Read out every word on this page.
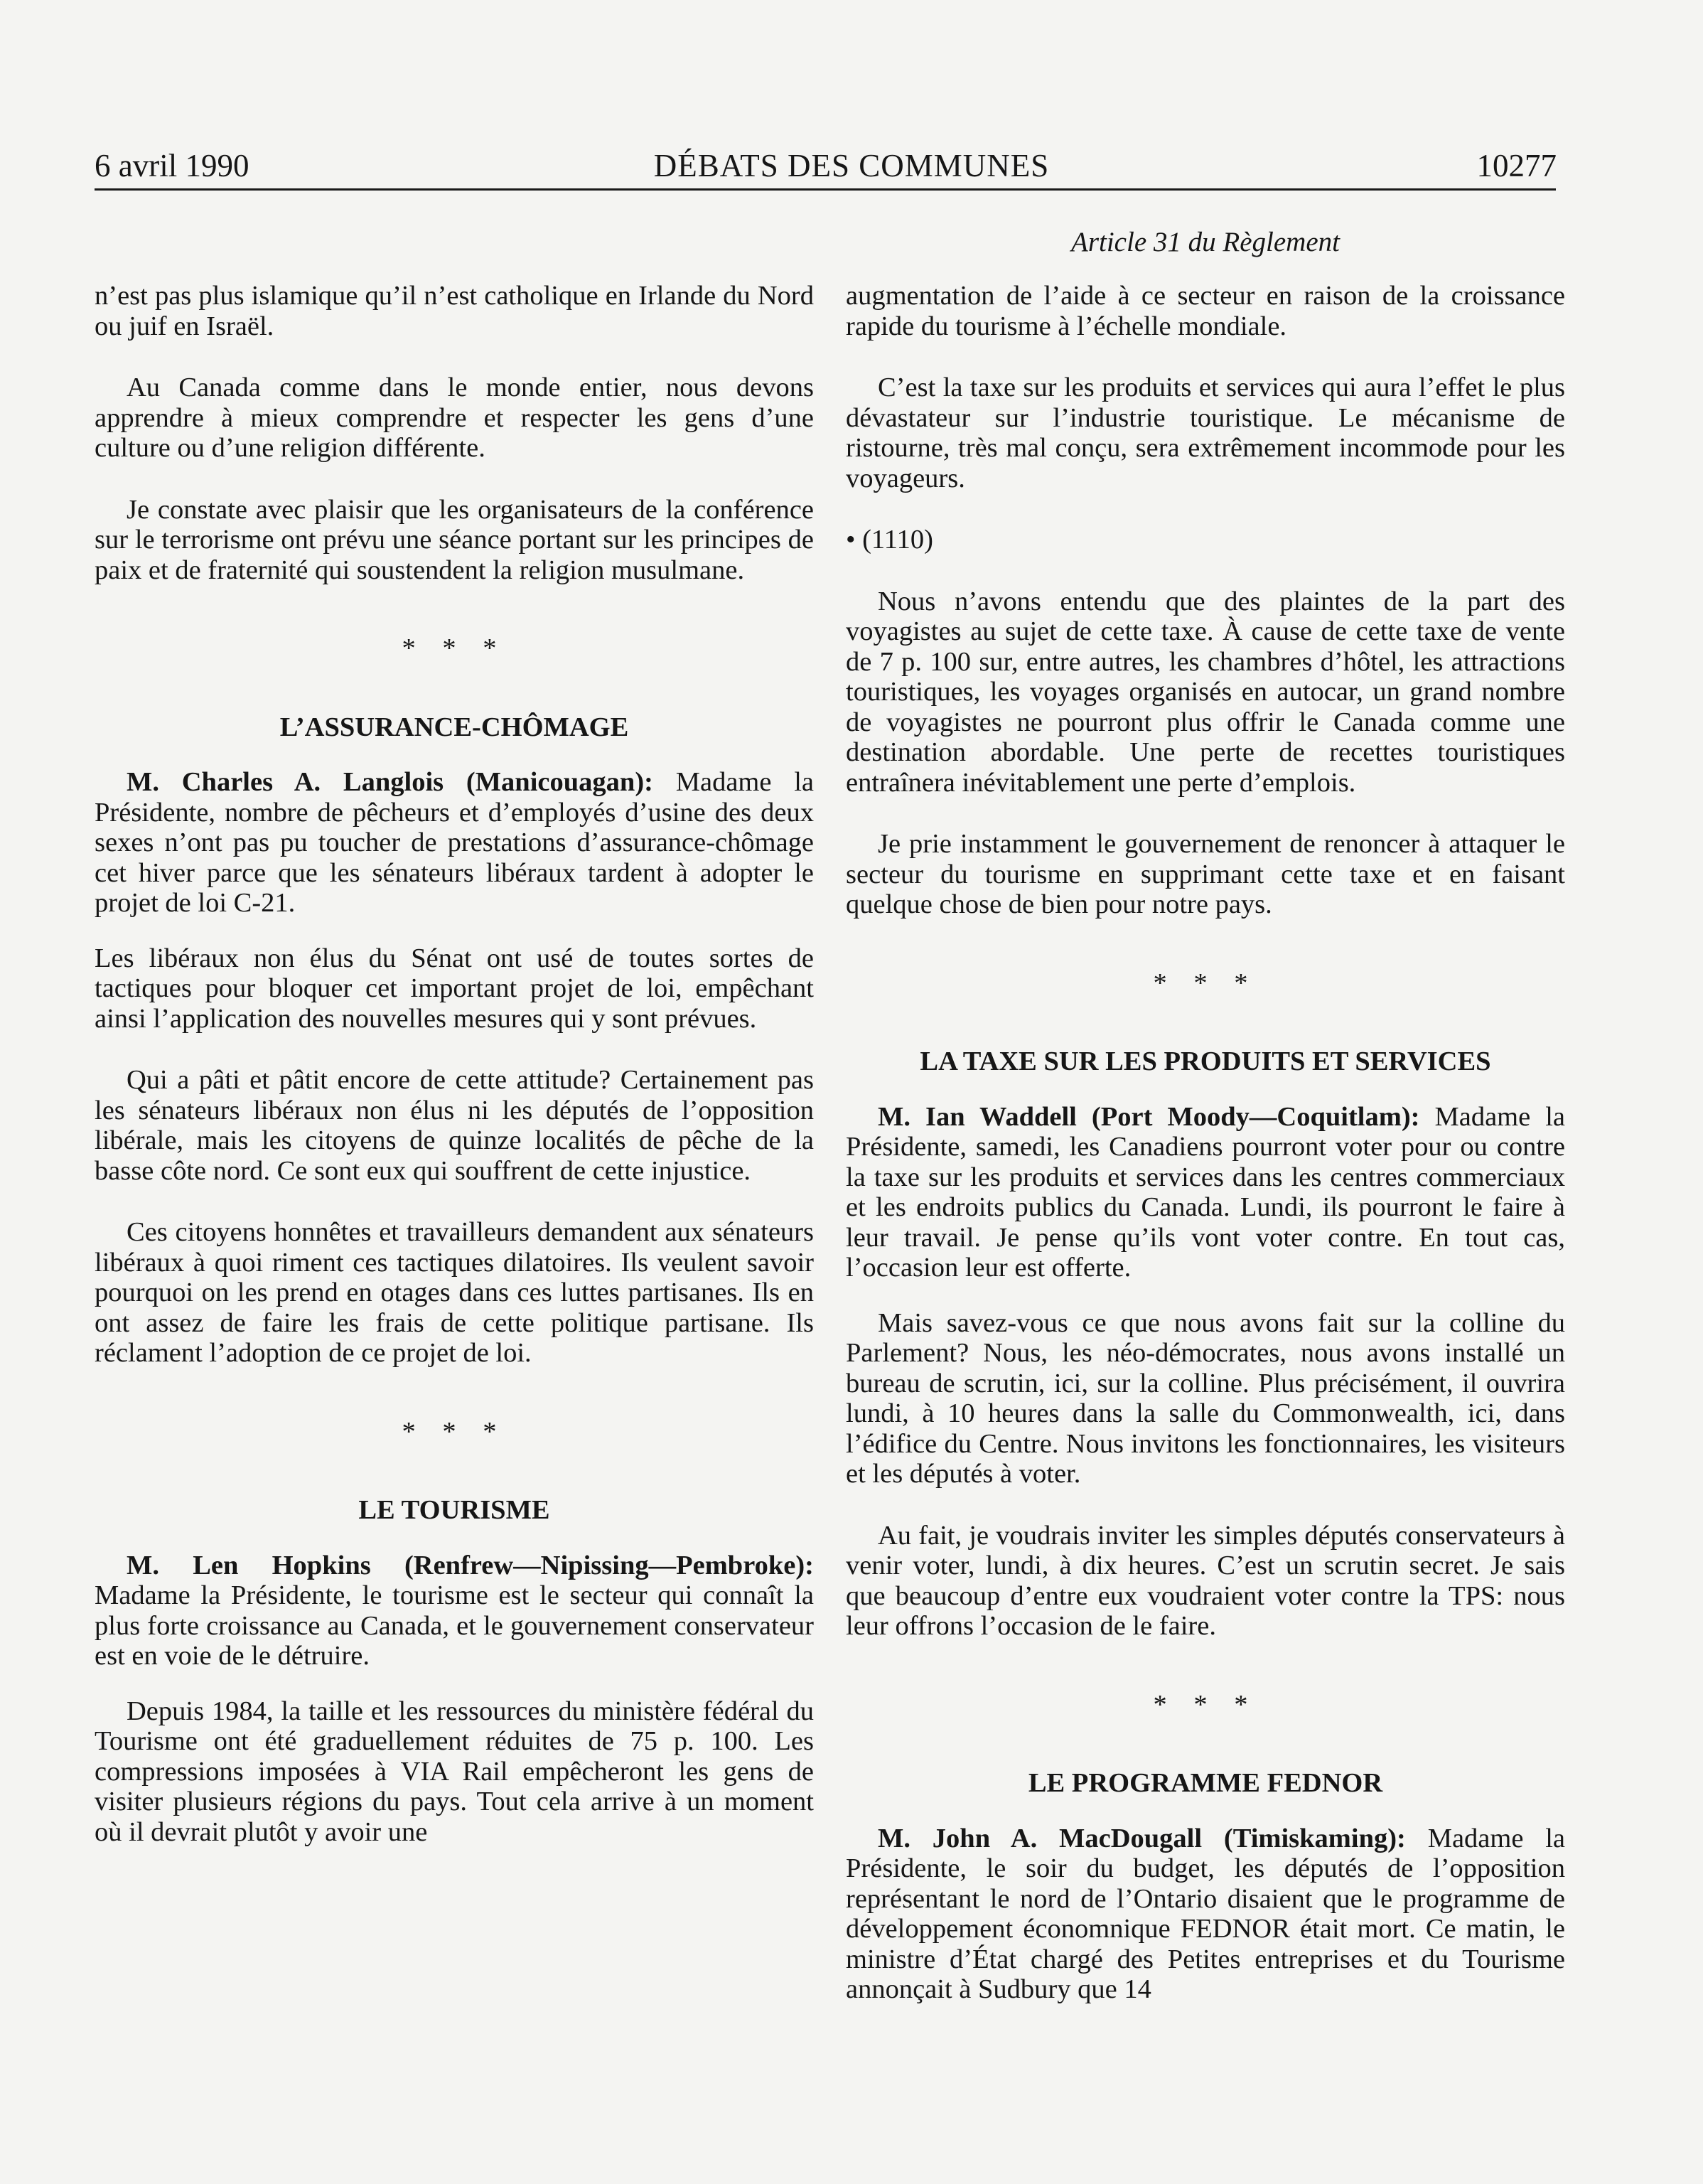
6 avril 1990	DÉBATS DES COMMUNES	10277
Article 31 du Règlement

n’est pas plus islamique qu’il n’est catholique en Irlande du Nord ou juif en Israël.

Au Canada comme dans le monde entier, nous devons apprendre à mieux comprendre et respecter les gens d’une culture ou d’une religion différente.

Je constate avec plaisir que les organisateurs de la conférence sur le terrorisme ont prévu une séance portant sur les principes de paix et de fraternité qui soustendent la religion musulmane.

* * *
L’ASSURANCE-CHÔMAGE

M. Charles A. Langlois (Manicouagan): Madame la Présidente, nombre de pêcheurs et d’employés d’usine des deux sexes n’ont pas pu toucher de prestations d’assurance-chômage cet hiver parce que les sénateurs libéraux tardent à adopter le projet de loi C-21.

Les libéraux non élus du Sénat ont usé de toutes sortes de tactiques pour bloquer cet important projet de loi, empêchant ainsi l’application des nouvelles mesures qui y sont prévues.

Qui a pâti et pâtit encore de cette attitude? Certainement pas les sénateurs libéraux non élus ni les députés de l’opposition libérale, mais les citoyens de quinze localités de pêche de la basse côte nord. Ce sont eux qui souffrent de cette injustice.

Ces citoyens honnêtes et travailleurs demandent aux sénateurs libéraux à quoi riment ces tactiques dilatoires. Ils veulent savoir pourquoi on les prend en otages dans ces luttes partisanes. Ils en ont assez de faire les frais de cette politique partisane. Ils réclament l’adoption de ce projet de loi.

* * *
LE TOURISME

M. Len Hopkins (Renfrew—Nipissing—Pembroke): Madame la Présidente, le tourisme est le secteur qui connaît la plus forte croissance au Canada, et le gouvernement conservateur est en voie de le détruire.

Depuis 1984, la taille et les ressources du ministère fédéral du Tourisme ont été graduellement réduites de 75 p. 100. Les compressions imposées à VIA Rail empêcheront les gens de visiter plusieurs régions du pays. Tout cela arrive à un moment où il devrait plutôt y avoir une

augmentation de l’aide à ce secteur en raison de la croissance rapide du tourisme à l’échelle mondiale.

C’est la taxe sur les produits et services qui aura l’effet le plus dévastateur sur l’industrie touristique. Le mécanisme de ristourne, très mal conçu, sera extrêmement incommode pour les voyageurs.

• (1110)

Nous n’avons entendu que des plaintes de la part des voyagistes au sujet de cette taxe. À cause de cette taxe de vente de 7 p. 100 sur, entre autres, les chambres d’hôtel, les attractions touristiques, les voyages organisés en autocar, un grand nombre de voyagistes ne pourront plus offrir le Canada comme une destination abordable. Une perte de recettes touristiques entraînera inévitablement une perte d’emplois.

Je prie instamment le gouvernement de renoncer à attaquer le secteur du tourisme en supprimant cette taxe et en faisant quelque chose de bien pour notre pays.

* * *
LA TAXE SUR LES PRODUITS ET SERVICES

M. Ian Waddell (Port Moody—Coquitlam): Madame la Présidente, samedi, les Canadiens pourront voter pour ou contre la taxe sur les produits et services dans les centres commerciaux et les endroits publics du Canada. Lundi, ils pourront le faire à leur travail. Je pense qu’ils vont voter contre. En tout cas, l’occasion leur est offerte.

Mais savez-vous ce que nous avons fait sur la colline du Parlement? Nous, les néo-démocrates, nous avons installé un bureau de scrutin, ici, sur la colline. Plus précisément, il ouvrira lundi, à 10 heures dans la salle du Commonwealth, ici, dans l’édifice du Centre. Nous invitons les fonctionnaires, les visiteurs et les députés à voter.

Au fait, je voudrais inviter les simples députés conservateurs à venir voter, lundi, à dix heures. C’est un scrutin secret. Je sais que beaucoup d’entre eux voudraient voter contre la TPS: nous leur offrons l’occasion de le faire.

* * *
LE PROGRAMME FEDNOR

M. John A. MacDougall (Timiskaming): Madame la Présidente, le soir du budget, les députés de l’opposition représentant le nord de l’Ontario disaient que le programme de développement économnique FEDNOR était mort. Ce matin, le ministre d’État chargé des Petites entreprises et du Tourisme annonçait à Sudbury que 14
